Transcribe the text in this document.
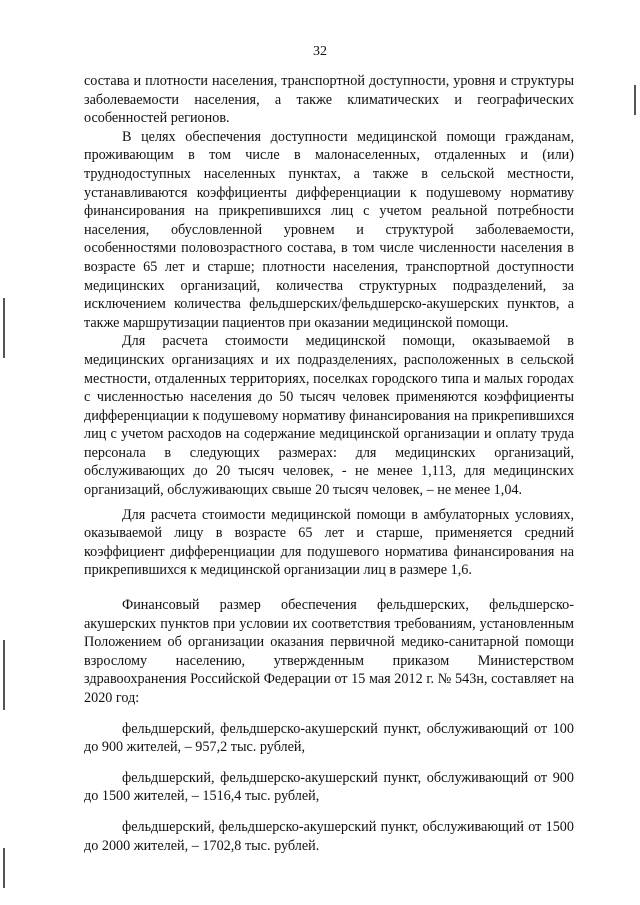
32

состава и плотности населения, транспортной доступности, уровня и структуры заболеваемости населения, а также климатических и географических особенностей регионов.

В целях обеспечения доступности медицинской помощи гражданам, проживающим в том числе в малонаселенных, отдаленных и (или) труднодоступных населенных пунктах, а также в сельской местности, устанавливаются коэффициенты дифференциации к подушевому нормативу финансирования на прикрепившихся лиц с учетом реальной потребности населения, обусловленной уровнем и структурой заболеваемости, особенностями половозрастного состава, в том числе численности населения в возрасте 65 лет и старше; плотности населения, транспортной доступности медицинских организаций, количества структурных подразделений, за исключением количества фельдшерских/фельдшерско-акушерских пунктов, а также маршрутизации пациентов при оказании медицинской помощи.

Для расчета стоимости медицинской помощи, оказываемой в медицинских организациях и их подразделениях, расположенных в сельской местности, отдаленных территориях, поселках городского типа и малых городах с численностью населения до 50 тысяч человек применяются коэффициенты дифференциации к подушевому нормативу финансирования на прикрепившихся лиц с учетом расходов на содержание медицинской организации и оплату труда персонала в следующих размерах: для медицинских организаций, обслуживающих до 20 тысяч человек, - не менее 1,113, для медицинских организаций, обслуживающих свыше 20 тысяч человек, – не менее 1,04.

Для расчета стоимости медицинской помощи в амбулаторных условиях, оказываемой лицу в возрасте 65 лет и старше, применяется средний коэффициент дифференциации для подушевого норматива финансирования на прикрепившихся к медицинской организации лиц в размере 1,6.

Финансовый размер обеспечения фельдшерских, фельдшерско-акушерских пунктов при условии их соответствия требованиям, установленным Положением об организации оказания первичной медико-санитарной помощи взрослому населению, утвержденным приказом Министерством здравоохранения Российской Федерации от 15 мая 2012 г. № 543н, составляет на 2020 год:

фельдшерский, фельдшерско-акушерский пункт, обслуживающий от 100 до 900 жителей, – 957,2 тыс. рублей,

фельдшерский, фельдшерско-акушерский пункт, обслуживающий от 900 до 1500 жителей, – 1516,4 тыс. рублей,

фельдшерский, фельдшерско-акушерский пункт, обслуживающий от 1500 до 2000 жителей, – 1702,8 тыс. рублей.
